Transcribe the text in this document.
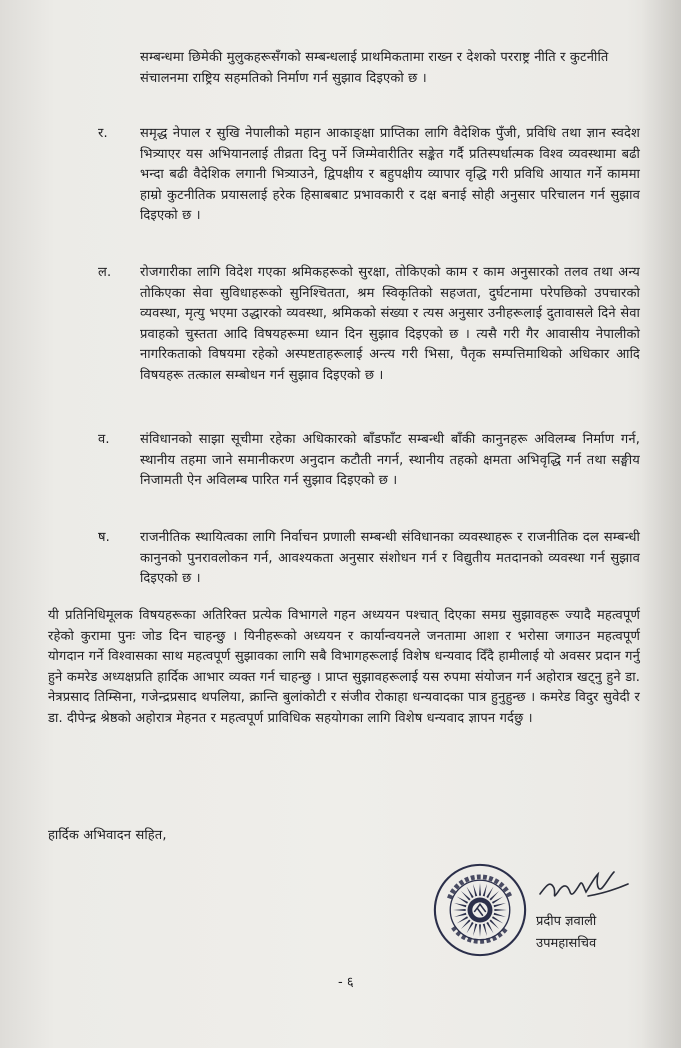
सम्बन्धमा छिमेकी मुलुकहरूसँगको सम्बन्धलाई प्राथमिकतामा राख्न र देशको परराष्ट्र नीति र कुटनीति संचालनमा राष्ट्रिय सहमतिको निर्माण गर्न सुझाव दिइएको छ ।
र.	समृद्ध नेपाल र सुखि नेपालीको महान आकाङ्क्षा प्राप्तिका लागि वैदेशिक पुँजी, प्रविधि तथा ज्ञान स्वदेश भित्र्याएर यस अभियानलाई तीव्रता दिनु पर्ने जिम्मेवारीतिर सङ्केत गर्दै प्रतिस्पर्धात्मक विश्व व्यवस्थामा बढी भन्दा बढी वैदेशिक लगानी भित्र्याउने, द्विपक्षीय र बहुपक्षीय व्यापार वृद्धि गरी प्रविधि आयात गर्ने काममा हाम्रो कुटनीतिक प्रयासलाई हरेक हिसाबबाट प्रभावकारी र दक्ष बनाई सोही अनुसार परिचालन गर्न सुझाव दिइएको छ ।
ल.	रोजगारीका लागि विदेश गएका श्रमिकहरूको सुरक्षा, तोकिएको काम र काम अनुसारको तलव तथा अन्य तोकिएका सेवा सुविधाहरूको सुनिश्चितता, श्रम स्विकृतिको सहजता, दुर्घटनामा परेपछिको उपचारको व्यवस्था, मृत्यु भएमा उद्धारको व्यवस्था, श्रमिकको संख्या र त्यस अनुसार उनीहरूलाई दुतावासले दिने सेवा प्रवाहको चुस्तता आदि विषयहरूमा ध्यान दिन सुझाव दिइएको छ । त्यसै गरी गैर आवासीय नेपालीको नागरिकताको विषयमा रहेको अस्पष्टताहरूलाई अन्त्य गरी भिसा, पैतृक सम्पत्तिमाथिको अधिकार आदि विषयहरू तत्काल सम्बोधन गर्न सुझाव दिइएको छ ।
व.	संविधानको साझा सूचीमा रहेका अधिकारको बाँडफाँट सम्बन्धी बाँकी कानुनहरू अविलम्ब निर्माण गर्न, स्थानीय तहमा जाने समानीकरण अनुदान कटौती नगर्न, स्थानीय तहको क्षमता अभिवृद्धि गर्न तथा सङ्घीय निजामती ऐन अविलम्ब पारित गर्न सुझाव दिइएको छ ।
ष.	राजनीतिक स्थायित्वका लागि निर्वाचन प्रणाली सम्बन्धी संविधानका व्यवस्थाहरू र राजनीतिक दल सम्बन्धी कानुनको पुनरावलोकन गर्न, आवश्यकता अनुसार संशोधन गर्न र विद्युतीय मतदानको व्यवस्था गर्न सुझाव दिइएको छ ।
यी प्रतिनिधिमूलक विषयहरूका अतिरिक्त प्रत्येक विभागले गहन अध्ययन पश्चात् दिएका समग्र सुझावहरू ज्यादै महत्वपूर्ण रहेको कुरामा पुनः जोड दिन चाहन्छु । यिनीहरूको अध्ययन र कार्यान्वयनले जनतामा आशा र भरोसा जगाउन महत्वपूर्ण योगदान गर्ने विश्वासका साथ महत्वपूर्ण सुझावका लागि सबै विभागहरूलाई विशेष धन्यवाद दिँदै हामीलाई यो अवसर प्रदान गर्नु हुने कमरेड अध्यक्षप्रति हार्दिक आभार व्यक्त गर्न चाहन्छु । प्राप्त सुझावहरूलाई यस रुपमा संयोजन गर्न अहोरात्र खट्नु हुने डा. नेत्रप्रसाद तिम्सिना, गजेन्द्रप्रसाद थपलिया, क्रान्ति बुलांकोटी र संजीव रोकाहा धन्यवादका पात्र हुनुहुन्छ । कमरेड विदुर सुवेदी र डा. दीपेन्द्र श्रेष्ठको अहोरात्र मेहनत र महत्वपूर्ण प्राविधिक सहयोगका लागि विशेष धन्यवाद ज्ञापन गर्दछु ।
हार्दिक अभिवादन सहित,
प्रदीप ज्ञवाली
उपमहासचिव
- ६
